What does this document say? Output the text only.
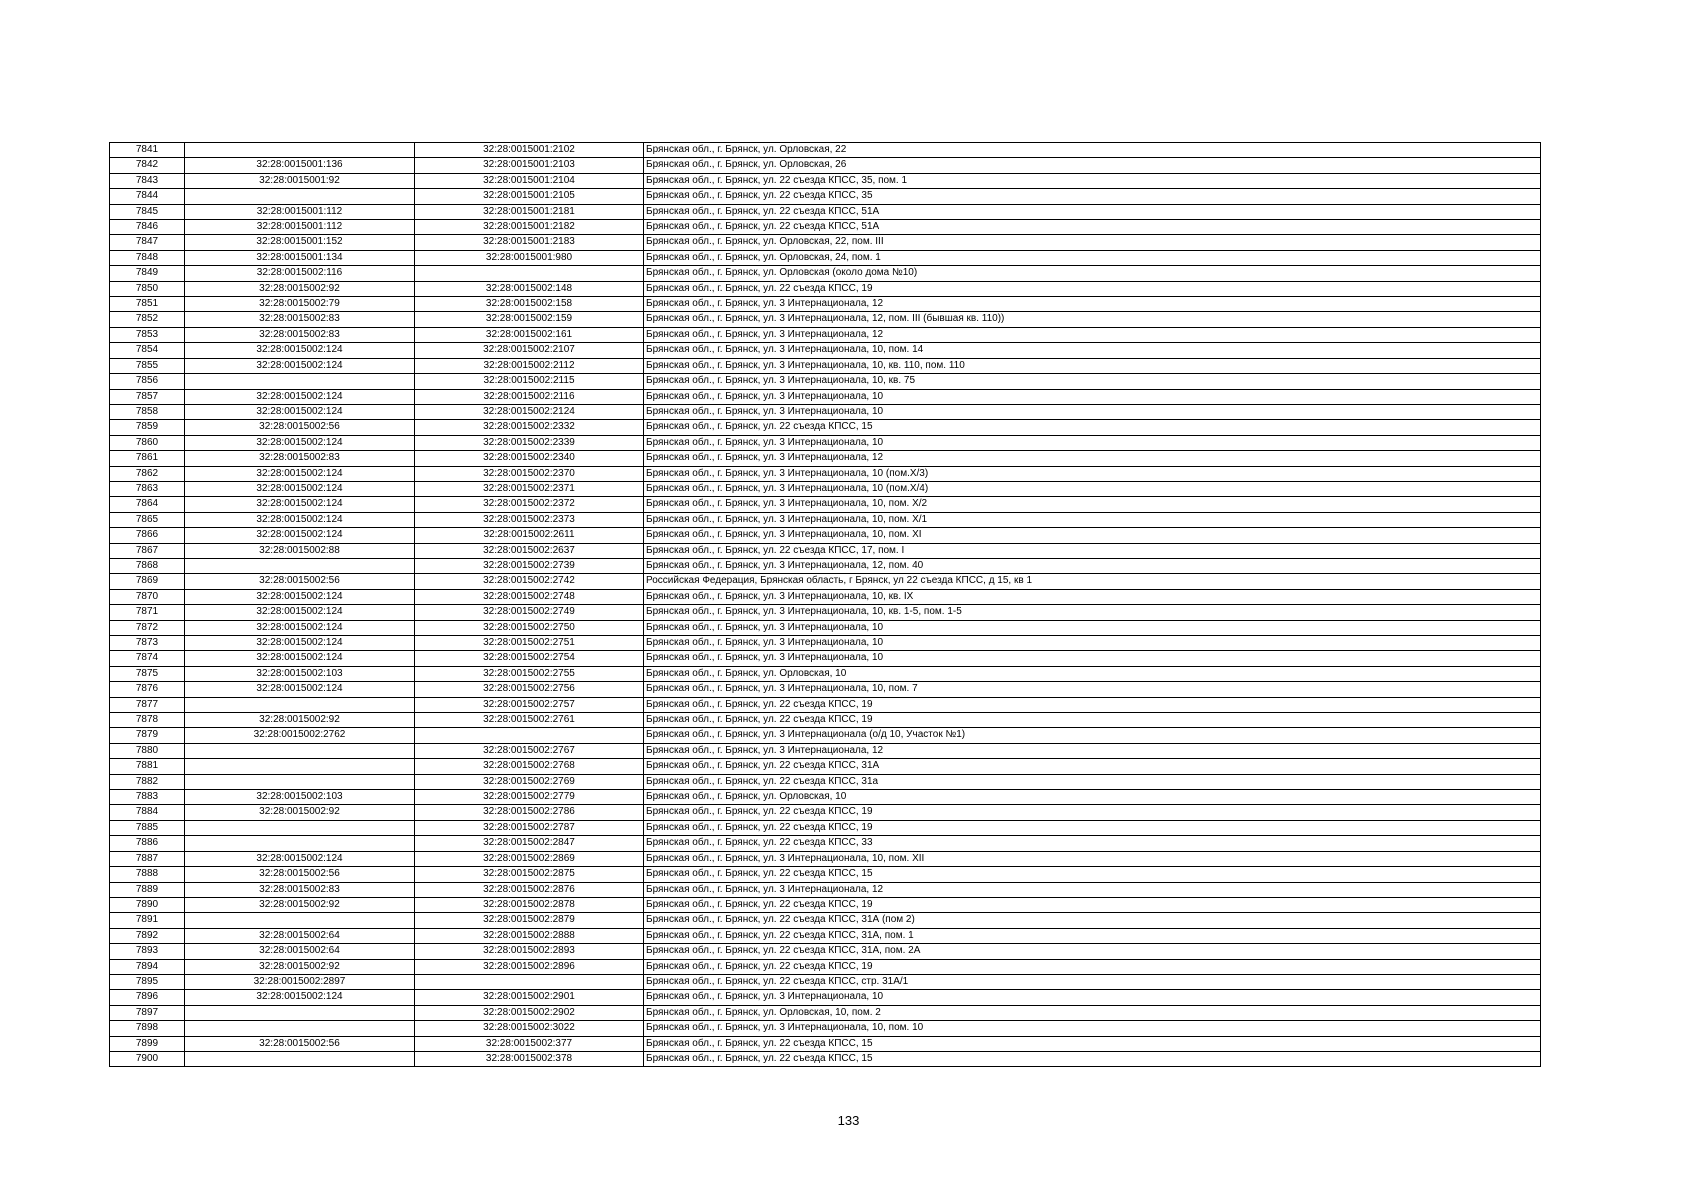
7841		32:28:0015001:2102	Брянская обл., г. Брянск, ул. Орловская, 22
7842	32:28:0015001:136	32:28:0015001:2103	Брянская обл., г. Брянск, ул. Орловская, 26
7843	32:28:0015001:92	32:28:0015001:2104	Брянская обл., г. Брянск, ул. 22 съезда КПСС, 35, пом. 1
7844		32:28:0015001:2105	Брянская обл., г. Брянск, ул. 22 съезда КПСС, 35
7845	32:28:0015001:112	32:28:0015001:2181	Брянская обл., г. Брянск, ул. 22 съезда КПСС, 51А
7846	32:28:0015001:112	32:28:0015001:2182	Брянская обл., г. Брянск, ул. 22 съезда КПСС, 51А
7847	32:28:0015001:152	32:28:0015001:2183	Брянская обл., г. Брянск, ул. Орловская, 22, пом. III
7848	32:28:0015001:134	32:28:0015001:980	Брянская обл., г. Брянск, ул. Орловская, 24, пом. 1
7849	32:28:0015002:116		Брянская обл., г. Брянск, ул. Орловская (около дома №10)
7850	32:28:0015002:92	32:28:0015002:148	Брянская обл., г. Брянск, ул. 22 съезда КПСС, 19
7851	32:28:0015002:79	32:28:0015002:158	Брянская обл., г. Брянск, ул. 3 Интернационала, 12
7852	32:28:0015002:83	32:28:0015002:159	Брянская обл., г. Брянск, ул. 3 Интернационала, 12, пом. III (бывшая кв. 110))
7853	32:28:0015002:83	32:28:0015002:161	Брянская обл., г. Брянск, ул. 3 Интернационала, 12
7854	32:28:0015002:124	32:28:0015002:2107	Брянская обл., г. Брянск, ул. 3 Интернационала, 10, пом. 14
7855	32:28:0015002:124	32:28:0015002:2112	Брянская обл., г. Брянск, ул. 3 Интернационала, 10, кв. 110, пом. 110
7856		32:28:0015002:2115	Брянская обл., г. Брянск, ул. 3 Интернационала, 10, кв. 75
7857	32:28:0015002:124	32:28:0015002:2116	Брянская обл., г. Брянск, ул. 3 Интернационала, 10
7858	32:28:0015002:124	32:28:0015002:2124	Брянская обл., г. Брянск, ул. 3 Интернационала, 10
7859	32:28:0015002:56	32:28:0015002:2332	Брянская обл., г. Брянск, ул. 22 съезда КПСС, 15
7860	32:28:0015002:124	32:28:0015002:2339	Брянская обл., г. Брянск, ул. 3 Интернационала, 10
7861	32:28:0015002:83	32:28:0015002:2340	Брянская обл., г. Брянск, ул. 3 Интернационала, 12
7862	32:28:0015002:124	32:28:0015002:2370	Брянская обл., г. Брянск, ул. 3 Интернационала, 10 (пом.Х/3)
7863	32:28:0015002:124	32:28:0015002:2371	Брянская обл., г. Брянск, ул. 3 Интернационала, 10 (пом.Х/4)
7864	32:28:0015002:124	32:28:0015002:2372	Брянская обл., г. Брянск, ул. 3 Интернационала, 10, пом. Х/2
7865	32:28:0015002:124	32:28:0015002:2373	Брянская обл., г. Брянск, ул. 3 Интернационала, 10, пом. Х/1
7866	32:28:0015002:124	32:28:0015002:2611	Брянская обл., г. Брянск, ул. 3 Интернационала, 10, пом. XI
7867	32:28:0015002:88	32:28:0015002:2637	Брянская обл., г. Брянск, ул. 22 съезда КПСС, 17, пом. I
7868		32:28:0015002:2739	Брянская обл., г. Брянск, ул. 3 Интернационала, 12, пом. 40
7869	32:28:0015002:56	32:28:0015002:2742	Российская Федерация, Брянская область, г Брянск, ул 22 съезда КПСС, д 15, кв 1
7870	32:28:0015002:124	32:28:0015002:2748	Брянская обл., г. Брянск, ул. 3 Интернационала, 10, кв. IX
7871	32:28:0015002:124	32:28:0015002:2749	Брянская обл., г. Брянск, ул. 3 Интернационала, 10, кв. 1-5, пом. 1-5
7872	32:28:0015002:124	32:28:0015002:2750	Брянская обл., г. Брянск, ул. 3 Интернационала, 10
7873	32:28:0015002:124	32:28:0015002:2751	Брянская обл., г. Брянск, ул. 3 Интернационала, 10
7874	32:28:0015002:124	32:28:0015002:2754	Брянская обл., г. Брянск, ул. 3 Интернационала, 10
7875	32:28:0015002:103	32:28:0015002:2755	Брянская обл., г. Брянск, ул. Орловская, 10
7876	32:28:0015002:124	32:28:0015002:2756	Брянская обл., г. Брянск, ул. 3 Интернационала, 10, пом. 7
7877		32:28:0015002:2757	Брянская обл., г. Брянск, ул. 22 съезда КПСС, 19
7878	32:28:0015002:92	32:28:0015002:2761	Брянская обл., г. Брянск, ул. 22 съезда КПСС, 19
7879	32:28:0015002:2762		Брянская обл., г. Брянск, ул. 3 Интернационала (о/д 10, Участок №1)
7880		32:28:0015002:2767	Брянская обл., г. Брянск, ул. 3 Интернационала, 12
7881		32:28:0015002:2768	Брянская обл., г. Брянск, ул. 22 съезда КПСС, 31А
7882		32:28:0015002:2769	Брянская обл., г. Брянск, ул. 22 съезда КПСС, 31а
7883	32:28:0015002:103	32:28:0015002:2779	Брянская обл., г. Брянск, ул. Орловская, 10
7884	32:28:0015002:92	32:28:0015002:2786	Брянская обл., г. Брянск, ул. 22 съезда КПСС, 19
7885		32:28:0015002:2787	Брянская обл., г. Брянск, ул. 22 съезда КПСС, 19
7886		32:28:0015002:2847	Брянская обл., г. Брянск, ул. 22 съезда КПСС, 33
7887	32:28:0015002:124	32:28:0015002:2869	Брянская обл., г. Брянск, ул. 3 Интернационала, 10, пом. XII
7888	32:28:0015002:56	32:28:0015002:2875	Брянская обл., г. Брянск, ул. 22 съезда КПСС, 15
7889	32:28:0015002:83	32:28:0015002:2876	Брянская обл., г. Брянск, ул. 3 Интернационала, 12
7890	32:28:0015002:92	32:28:0015002:2878	Брянская обл., г. Брянск, ул. 22 съезда КПСС, 19
7891		32:28:0015002:2879	Брянская обл., г. Брянск, ул. 22 съезда КПСС, 31А (пом 2)
7892	32:28:0015002:64	32:28:0015002:2888	Брянская обл., г. Брянск, ул. 22 съезда КПСС, 31А, пом. 1
7893	32:28:0015002:64	32:28:0015002:2893	Брянская обл., г. Брянск, ул. 22 съезда КПСС, 31А, пом. 2А
7894	32:28:0015002:92	32:28:0015002:2896	Брянская обл., г. Брянск, ул. 22 съезда КПСС, 19
7895	32:28:0015002:2897		Брянская обл., г. Брянск, ул. 22 съезда КПСС, стр. 31А/1
7896	32:28:0015002:124	32:28:0015002:2901	Брянская обл., г. Брянск, ул. 3 Интернационала, 10
7897		32:28:0015002:2902	Брянская обл., г. Брянск, ул. Орловская, 10, пом. 2
7898		32:28:0015002:3022	Брянская обл., г. Брянск, ул. 3 Интернационала, 10, пом. 10
7899	32:28:0015002:56	32:28:0015002:377	Брянская обл., г. Брянск, ул. 22 съезда КПСС, 15
7900		32:28:0015002:378	Брянская обл., г. Брянск, ул. 22 съезда КПСС, 15
133
